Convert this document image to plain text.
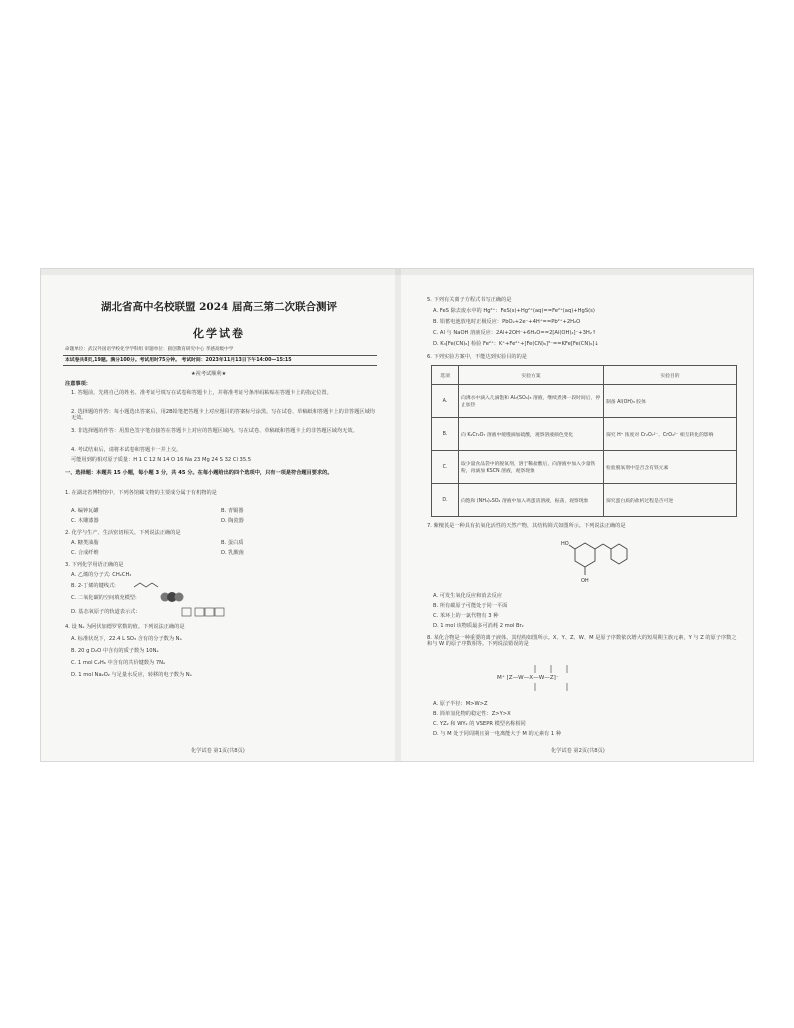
湖北省高中名校联盟 2024 届高三第二次联合测评
化学试卷
命题单位：武汉外国语学校化学学科组 审题单位：圆创教育研究中心 孝感高级中学
本试卷共8页,19题。满分100分。考试用时75分钟。 考试时间：2023年11月13日下午14:00—15:15
★祝考试顺利★
注意事项：
1. 答题前，先将自己的姓名、准考证号填写在试卷和答题卡上，并将准考证号条形码粘贴在答题卡上的指定位置。
2. 选择题的作答：每小题选出答案后，用2B铅笔把答题卡上对应题目的答案标号涂黑。写在试卷、草稿纸和答题卡上的非答题区域均无效。
3. 非选择题的作答：用黑色签字笔直接答在答题卡上对应的答题区域内。写在试卷、草稿纸和答题卡上的非答题区域均无效。
4. 考试结束后，请将本试卷和答题卡一并上交。
可能用到的相对原子质量：H 1 C 12 N 14 O 16 Na 23 Mg 24 S 32 Cl 35.5
一、选择题：本题共 15 小题，每小题 3 分，共 45 分。在每小题给出的四个选项中，只有一项是符合题目要求的。
1. 在湖北省博物馆中，下列各馆藏文物的主要成分属于有机物的是
A. 编钟瓦罐	B. 青铜器
C. 木雕漆器	D. 陶瓷器
2. 化学与生产、生活密切相关。下列说法正确的是
A. 糖类油脂	B. 蛋白质
C. 合成纤维	D. 乳酸菌
3. 下列化学用语正确的是
A. 乙烯的分子式: CH₂CH₂
B. 2-丁烯的键线式:
C. 二氧化碳的空间填充模型:
D. 基态氧原子的轨道表示式:
4. 设 Nₐ 为阿伏加德罗常数的值。下列说法正确的是
A. 标准状况下，22.4 L SO₃ 含有的分子数为 Nₐ
B. 20 g D₂O 中含有的质子数为 10Nₐ
C. 1 mol C₂H₆ 中含有的共价键数为 7Nₐ
D. 1 mol Na₂O₂ 与足量水反应，转移的电子数为 Nₐ
化学试卷 第1页(共8页)
5. 下列有关离子方程式书写正确的是
A. FeS 除去废水中的 Hg²⁺：FeS(s)+Hg²⁺(aq)==Fe²⁺(aq)+HgS(s)
B. 铅蓄电池放电时正极反应：PbO₂+2e⁻+4H⁺==Pb²⁺+2H₂O
C. Al 与 NaOH 溶液反应：2Al+2OH⁻+6H₂O==2[Al(OH)₄]⁻+3H₂↑
D. K₃[Fe(CN)₆] 检验 Fe²⁺：K⁺+Fe²⁺+[Fe(CN)₆]³⁻==KFe[Fe(CN)₆]↓
6. 下列实验方案中，不能达到实验目的的是
选项	实验方案	实验目的
A.	向沸水中滴入几滴饱和 Al₂(SO₄)₃ 溶液，继续煮沸一段时间后，停止加热	制备 Al(OH)₃ 胶体
B.	向 K₂Cr₂O₇ 溶液中缓慢滴加硫酸，观察溶液颜色变化	探究 H⁺ 浓度对 Cr₂O₇²⁻、CrO₄²⁻ 相互转化的影响
C.	取少量食品袋中的脱氧剂，溶于稀盐酸后，向溶液中加入少量铁粉，再滴加 KSCN 溶液，观察现象	检验脱氧剂中是否含有铁元素
D.	向饱和 (NH₄)₂SO₄ 溶液中加入鸡蛋清溶液，振荡，观察现象	探究蛋白质的盐析过程是否可逆
7. 紫檀芪是一种具有抗氧化活性的天然产物，其结构简式如图所示。下列说法正确的是
OH
HO
A. 可发生氧化反应和消去反应
B. 所有碳原子可能处于同一平面
C. 苯环上的一氯代物有 3 种
D. 1 mol 该物质最多可消耗 2 mol Br₂
8. 某化合物是一种重要的离子液体，其结构如图所示。X、Y、Z、W、M 是原子序数依次增大的短周期主族元素，Y 与 Z 的原子序数之和与 W 的原子序数相等。下列说法错误的是
M⁺ [Z—W—X—W—Z]⁻
A. 原子半径：M>W>Z
B. 简单氢化物的稳定性：Z>Y>X
C. YZ₂ 和 WY₂ 的 VSEPR 模型名称相同
D. 与 M 处于同周期且第一电离能大于 M 的元素有 1 种
化学试卷 第2页(共8页)
